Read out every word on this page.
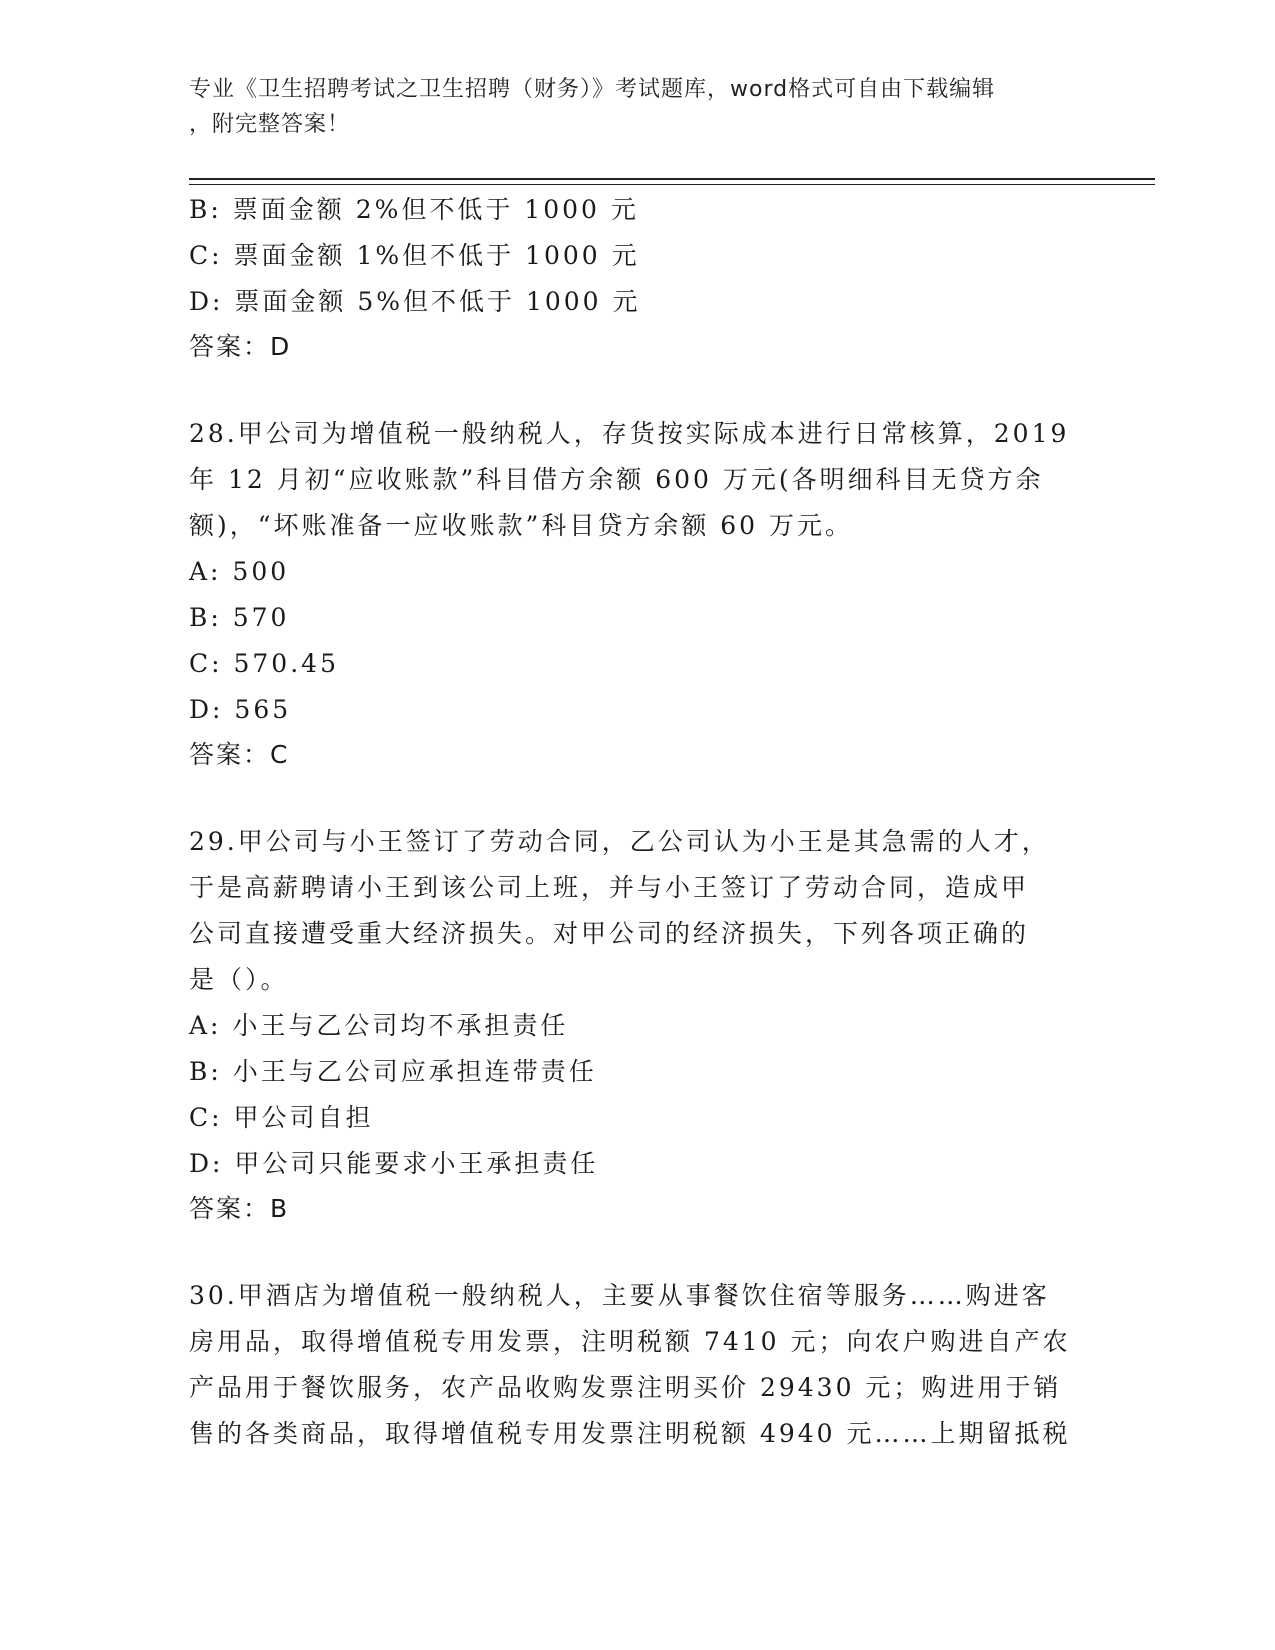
专业《卫生招聘考试之卫生招聘（财务）》考试题库，word格式可自由下载编辑
，附完整答案！
B: 票面金额 2%但不低于 1000 元
C: 票面金额 1%但不低于 1000 元
D: 票面金额 5%但不低于 1000 元
答案：D
28.甲公司为增值税一般纳税人，存货按实际成本进行日常核算，2019
年 12 月初“应收账款”科目借方余额 600 万元(各明细科目无贷方余
额)，“坏账准备一应收账款”科目贷方余额 60 万元。
A: 500
B: 570
C: 570.45
D: 565
答案：C
29.甲公司与小王签订了劳动合同，乙公司认为小王是其急需的人才，
于是高薪聘请小王到该公司上班，并与小王签订了劳动合同，造成甲
公司直接遭受重大经济损失。对甲公司的经济损失，下列各项正确的
是（）。
A: 小王与乙公司均不承担责任
B: 小王与乙公司应承担连带责任
C: 甲公司自担
D: 甲公司只能要求小王承担责任
答案：B
30.甲酒店为增值税一般纳税人，主要从事餐饮住宿等服务……购进客
房用品，取得增值税专用发票，注明税额 7410 元；向农户购进自产农
产品用于餐饮服务，农产品收购发票注明买价 29430 元；购进用于销
售的各类商品，取得增值税专用发票注明税额 4940 元……上期留抵税
